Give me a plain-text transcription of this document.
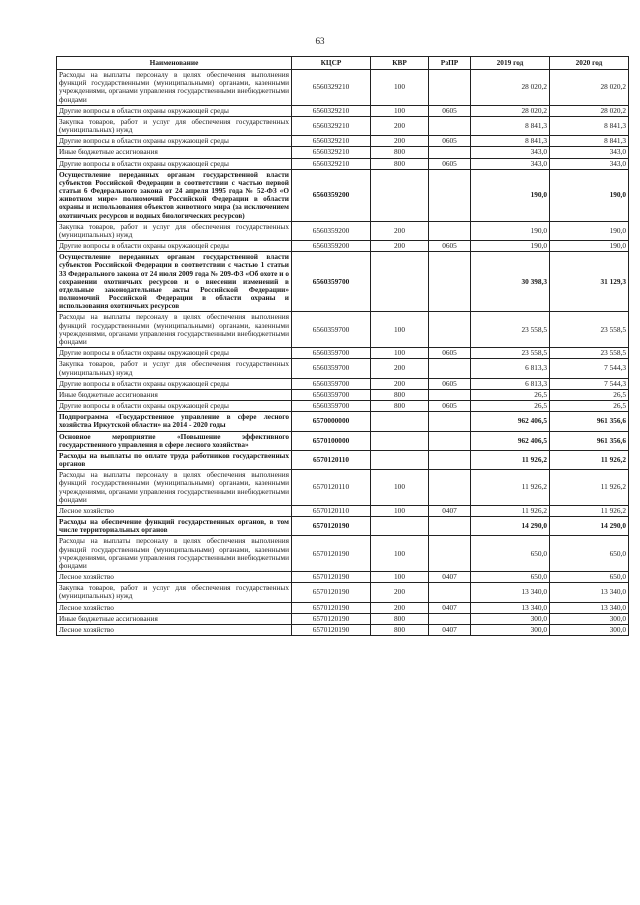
63
Наименование	КЦСР	КВР	РзПР	2019 год	2020 год
Расходы на выплаты персоналу в целях обеспечения выполнения функций государственными (муниципальными) органами, казенными учреждениями, органами управления государственными внебюджетными фондами	6560329210	100		28 020,2	28 020,2
Другие вопросы в области охраны окружающей среды	6560329210	100	0605	28 020,2	28 020,2
Закупка товаров, работ и услуг для обеспечения государственных (муниципальных) нужд	6560329210	200		8 841,3	8 841,3
Другие вопросы в области охраны окружающей среды	6560329210	200	0605	8 841,3	8 841,3
Иные бюджетные ассигнования	6560329210	800		343,0	343,0
Другие вопросы в области охраны окружающей среды	6560329210	800	0605	343,0	343,0
Осуществление переданных органам государственной власти субъектов Российской Федерации в соответствии с частью первой статьи 6 Федерального закона от 24 апреля 1995 года № 52-ФЗ «О животном мире» полномочий Российской Федерации в области охраны и использования объектов животного мира (за исключением охотничьих ресурсов и водных биологических ресурсов)	6560359200			190,0	190,0
Закупка товаров, работ и услуг для обеспечения государственных (муниципальных) нужд	6560359200	200		190,0	190,0
Другие вопросы в области охраны окружающей среды	6560359200	200	0605	190,0	190,0
Осуществление переданных органам государственной власти субъектов Российской Федерации в соответствии с частью 1 статьи 33 Федерального закона от 24 июля 2009 года № 209-ФЗ «Об охоте и о сохранении охотничьих ресурсов и о внесении изменений в отдельные законодательные акты Российской Федерации» полномочий Российской Федерации в области охраны и использования охотничьих ресурсов	6560359700			30 398,3	31 129,3
Расходы на выплаты персоналу в целях обеспечения выполнения функций государственными (муниципальными) органами, казенными учреждениями, органами управления государственными внебюджетными фондами	6560359700	100		23 558,5	23 558,5
Другие вопросы в области охраны окружающей среды	6560359700	100	0605	23 558,5	23 558,5
Закупка товаров, работ и услуг для обеспечения государственных (муниципальных) нужд	6560359700	200		6 813,3	7 544,3
Другие вопросы в области охраны окружающей среды	6560359700	200	0605	6 813,3	7 544,3
Иные бюджетные ассигнования	6560359700	800		26,5	26,5
Другие вопросы в области охраны окружающей среды	6560359700	800	0605	26,5	26,5
Подпрограмма «Государственное управление в сфере лесного хозяйства Иркутской области» на 2014 - 2020 годы	6570000000			962 406,5	961 356,6
Основное мероприятие «Повышение эффективного государственного управления в сфере лесного хозяйства»	6570100000			962 406,5	961 356,6
Расходы на выплаты по оплате труда работников государственных органов	6570120110			11 926,2	11 926,2
Расходы на выплаты персоналу в целях обеспечения выполнения функций государственными (муниципальными) органами, казенными учреждениями, органами управления государственными внебюджетными фондами	6570120110	100		11 926,2	11 926,2
Лесное хозяйство	6570120110	100	0407	11 926,2	11 926,2
Расходы на обеспечение функций государственных органов, в том числе территориальных органов	6570120190			14 290,0	14 290,0
Расходы на выплаты персоналу в целях обеспечения выполнения функций государственными (муниципальными) органами, казенными учреждениями, органами управления государственными внебюджетными фондами	6570120190	100		650,0	650,0
Лесное хозяйство	6570120190	100	0407	650,0	650,0
Закупка товаров, работ и услуг для обеспечения государственных (муниципальных) нужд	6570120190	200		13 340,0	13 340,0
Лесное хозяйство	6570120190	200	0407	13 340,0	13 340,0
Иные бюджетные ассигнования	6570120190	800		300,0	300,0
Лесное хозяйство	6570120190	800	0407	300,0	300,0
